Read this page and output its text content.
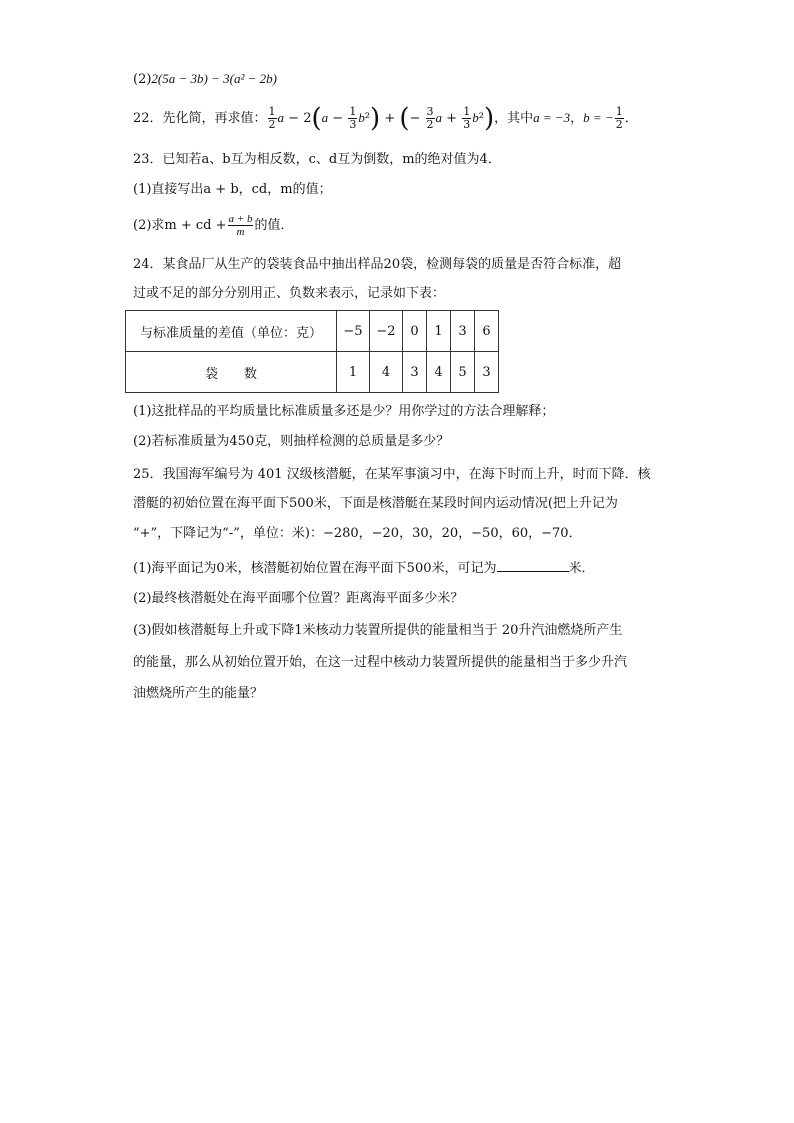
(2)2(5a − 3b) − 3(a² − 2b)
22．先化简，再求值： $\frac{1}{2}$ $a - 2(a - \frac{1}{3} b^2)$ + (− $\frac{3}{2}$ $a + \frac{1}{3} b^2$)，其中a = −3，b = − $\frac{1}{2}$ ．
23．已知若a、b互为相反数，c、d互为倒数，m的绝对值为4．
(1)直接写出a + b，cd，m的值；
(2)求m + cd + $\frac{a + b}{m}$ 的值．
24．某食品厂从生产的袋装食品中抽出样品20袋，检测每袋的质量是否符合标准，超
过或不足的部分分别用正、负数来表示，记录如下表：
与标准质量的差值（单位：克）	−5	−2	0	1	3	6
袋　　数	1	4	3	4	5	3
(1)这批样品的平均质量比标准质量多还是少？用你学过的方法合理解释；
(2)若标准质量为450克，则抽样检测的总质量是多少？
25．我国海军编号为 401 汉级核潜艇，在某军事演习中，在海下时而上升，时而下降．核
潜艇的初始位置在海平面下500米，下面是核潜艇在某段时间内运动情况(把上升记为
“+”，下降记为“-”，单位：米)：−280，−20，30，20，−50，60，−70．
(1)海平面记为0米，核潜艇初始位置在海平面下500米，可记为	米．
(2)最终核潜艇处在海平面哪个位置？距离海平面多少米？
(3)假如核潜艇每上升或下降1米核动力装置所提供的能量相当于 20升汽油燃烧所产生
的能量，那么从初始位置开始，在这一过程中核动力装置所提供的能量相当于多少升汽
油燃烧所产生的能量？
